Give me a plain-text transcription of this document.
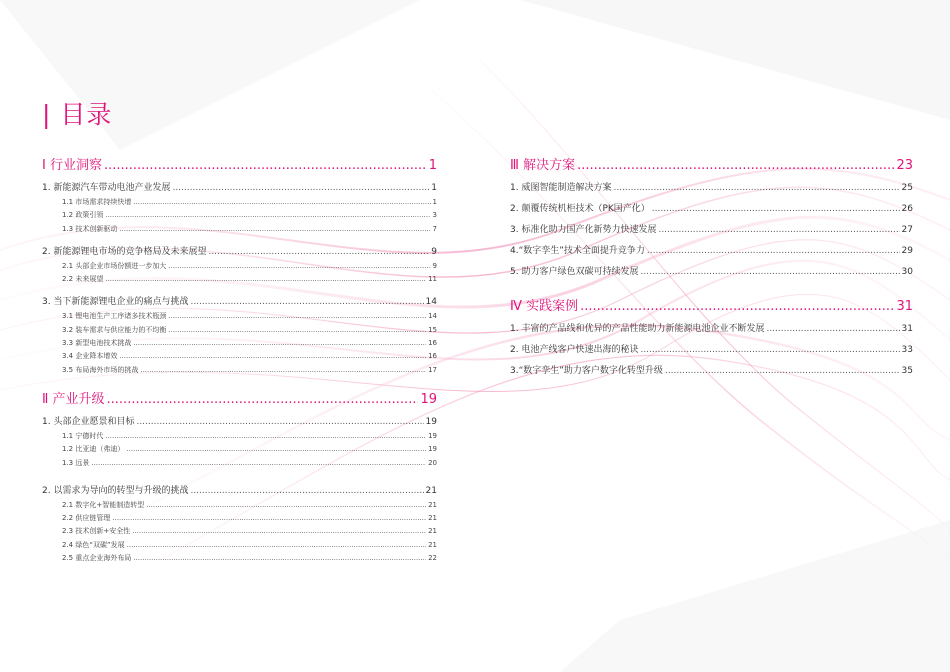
| 目录
Ⅰ 行业洞察 .....	1
1. 新能源汽车带动电池产业发展 .....	1
1.1 市场需求持续快增 .....	1
1.2 政策引领 .....	3
1.3 技术创新驱动 .....	7
2. 新能源锂电市场的竞争格局及未来展望 .....	9
2.1 头部企业市场份额进一步加大 .....	9
2.2 未来展望 .....	11
3. 当下新能源锂电企业的痛点与挑战 .....	14
3.1 锂电池生产工序诸多技术瓶颈 .....	14
3.2 装车需求与供应能力的不均衡 .....	15
3.3 新型电池技术挑战 .....	16
3.4 企业降本增效 .....	16
3.5 布局海外市场的挑战 .....	17
Ⅱ 产业升级 .....	19
1. 头部企业愿景和目标 .....	19
1.1 宁德时代 .....	19
1.2 比亚迪（弗迪） .....	19
1.3 远景 .....	20
2. 以需求为导向的转型与升级的挑战 .....	21
2.1 数字化+智能制造转型 .....	21
2.2 供应链管理 .....	21
2.3 技术创新+安全性 .....	21
2.4 绿色“双碳”发展 .....	21
2.5 重点企业海外布局 .....	22
Ⅲ 解决方案 .....	23
1. 威图智能制造解决方案 .....	25
2. 颠覆传统机柜技术（PK国产化） .....	26
3. 标准化助力国产化新势力快速发展 .....	27
4.“数字孪生”技术全面提升竞争力 .....	29
5. 助力客户绿色双碳可持续发展 .....	30
Ⅳ 实践案例 .....	31
1. 丰富的产品线和优异的产品性能助力新能源电池企业不断发展 .....	31
2. 电池产线客户快速出海的秘诀 .....	33
3.“数字孪生”助力客户数字化转型升级 .....	35
